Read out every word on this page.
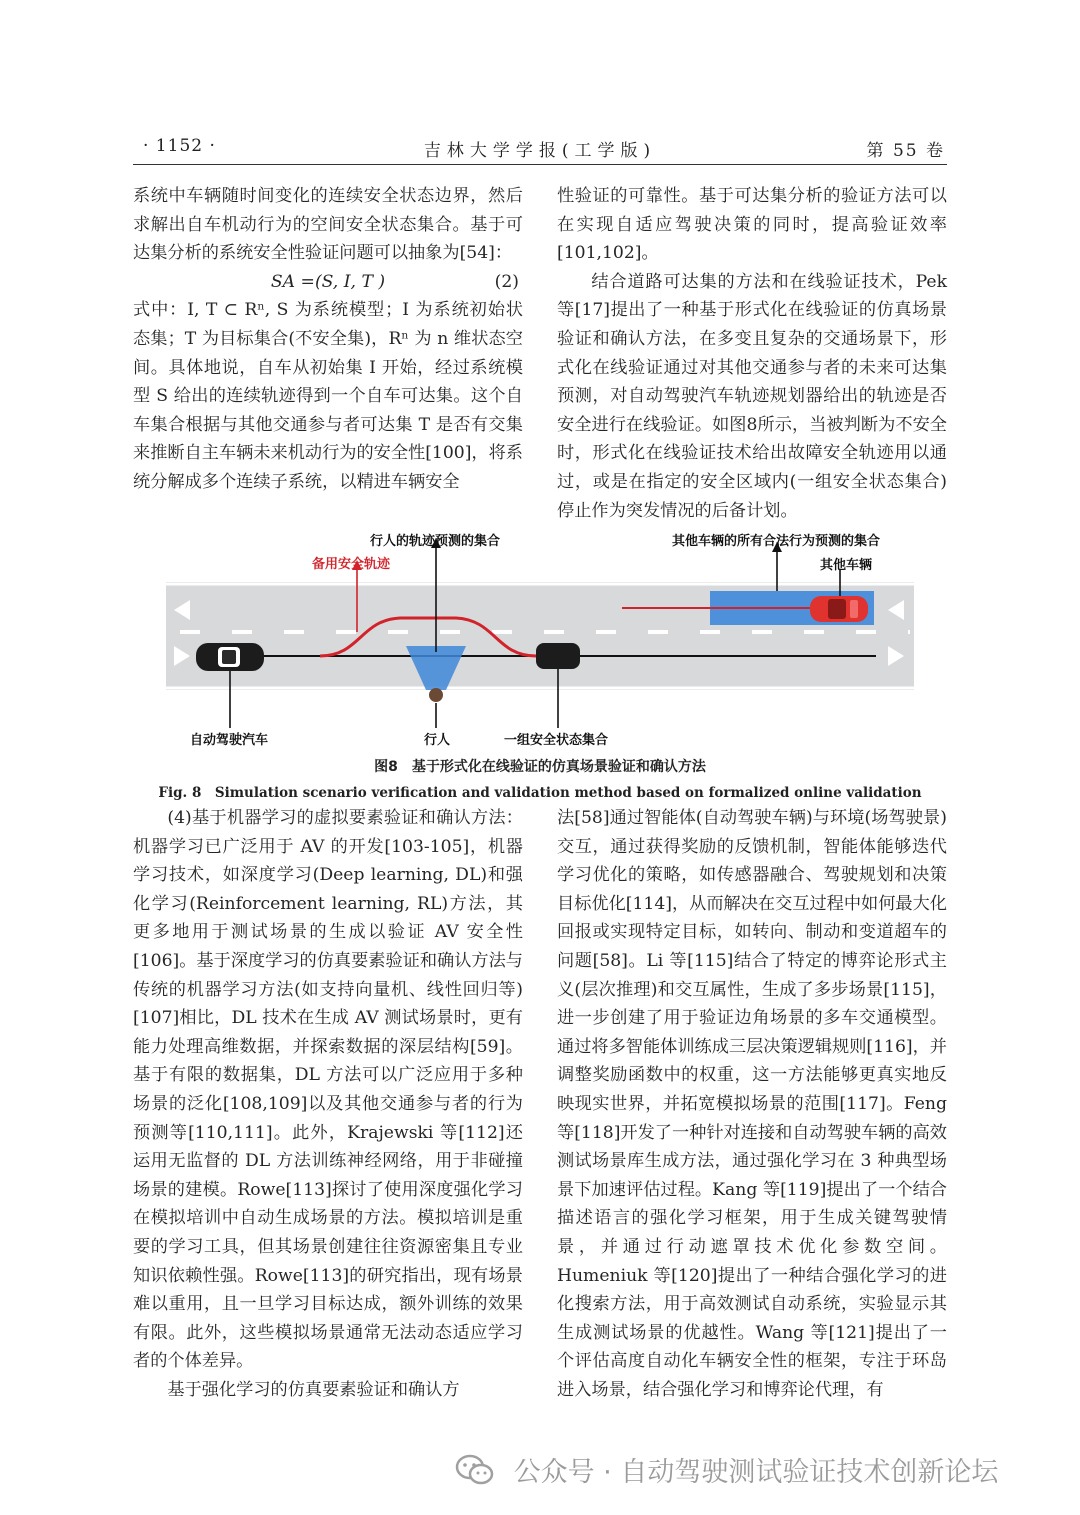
· 1152 ·	吉林大学学报(工学版)	第 55 卷

系统中车辆随时间变化的连续安全状态边界，然后求解出自车机动行为的空间安全状态集合。基于可达集分析的系统安全性验证问题可以抽象为[54]：

SA =(S, I, T )	(2)

式中：I, T ⊂ Rⁿ, S 为系统模型；I 为系统初始状态集；T 为目标集合(不安全集)，Rⁿ 为 n 维状态空间。具体地说，自车从初始集 I 开始，经过系统模型 S 给出的连续轨迹得到一个自车可达集。这个自车集合根据与其他交通参与者可达集 T 是否有交集来推断自主车辆未来机动行为的安全性[100]，将系统分解成多个连续子系统，以精进车辆安全

性验证的可靠性。基于可达集分析的验证方法可以在实现自适应驾驶决策的同时，提高验证效率[101,102]。

结合道路可达集的方法和在线验证技术，Pek 等[17]提出了一种基于形式化在线验证的仿真场景验证和确认方法，在多变且复杂的交通场景下，形式化在线验证通过对其他交通参与者的未来可达集预测，对自动驾驶汽车轨迹规划器给出的轨迹是否安全进行在线验证。如图8所示，当被判断为不安全时，形式化在线验证技术给出故障安全轨迹用以通过，或是在指定的安全区域内(一组安全状态集合)停止作为突发情况的后备计划。

行人的轨迹预测的集合
备用安全轨迹
其他车辆的所有合法行为预测的集合
其他车辆
自动驾驶汽车	行人	一组安全状态集合
图8　基于形式化在线验证的仿真场景验证和确认方法
Fig. 8　Simulation scenario verification and validation method based on formalized online validation

(4)基于机器学习的虚拟要素验证和确认方法：机器学习已广泛用于 AV 的开发[103-105]，机器学习技术，如深度学习(Deep learning, DL)和强化学习(Reinforcement learning, RL)方法，其更多地用于测试场景的生成以验证 AV 安全性[106]。基于深度学习的仿真要素验证和确认方法与传统的机器学习方法(如支持向量机、线性回归等)[107]相比，DL 技术在生成 AV 测试场景时，更有能力处理高维数据，并探索数据的深层结构[59]。基于有限的数据集，DL 方法可以广泛应用于多种场景的泛化[108,109]以及其他交通参与者的行为预测等[110,111]。此外，Krajewski 等[112]还运用无监督的 DL 方法训练神经网络，用于非碰撞场景的建模。Rowe[113]探讨了使用深度强化学习在模拟培训中自动生成场景的方法。模拟培训是重要的学习工具，但其场景创建往往资源密集且专业知识依赖性强。Rowe[113]的研究指出，现有场景难以重用，且一旦学习目标达成，额外训练的效果有限。此外，这些模拟场景通常无法动态适应学习者的个体差异。

基于强化学习的仿真要素验证和确认方

法[58]通过智能体(自动驾驶车辆)与环境(场驾驶景)交互，通过获得奖励的反馈机制，智能体能够迭代学习优化的策略，如传感器融合、驾驶规划和决策目标优化[114]，从而解决在交互过程中如何最大化回报或实现特定目标，如转向、制动和变道超车的问题[58]。Li 等[115]结合了特定的博弈论形式主义(层次推理)和交互属性，生成了多步场景[115]，进一步创建了用于验证边角场景的多车交通模型。通过将多智能体训练成三层决策逻辑规则[116]，并调整奖励函数中的权重，这一方法能够更真实地反映现实世界，并拓宽模拟场景的范围[117]。Feng 等[118]开发了一种针对连接和自动驾驶车辆的高效测试场景库生成方法，通过强化学习在 3 种典型场景下加速评估过程。Kang 等[119]提出了一个结合描述语言的强化学习框架，用于生成关键驾驶情景，并通过行动遮罩技术优化参数空间。Humeniuk 等[120]提出了一种结合强化学习的进化搜索方法，用于高效测试自动系统，实验显示其生成测试场景的优越性。Wang 等[121]提出了一个评估高度自动化车辆安全性的框架，专注于环岛进入场景，结合强化学习和博弈论代理，有

公众号 · 自动驾驶测试验证技术创新论坛
